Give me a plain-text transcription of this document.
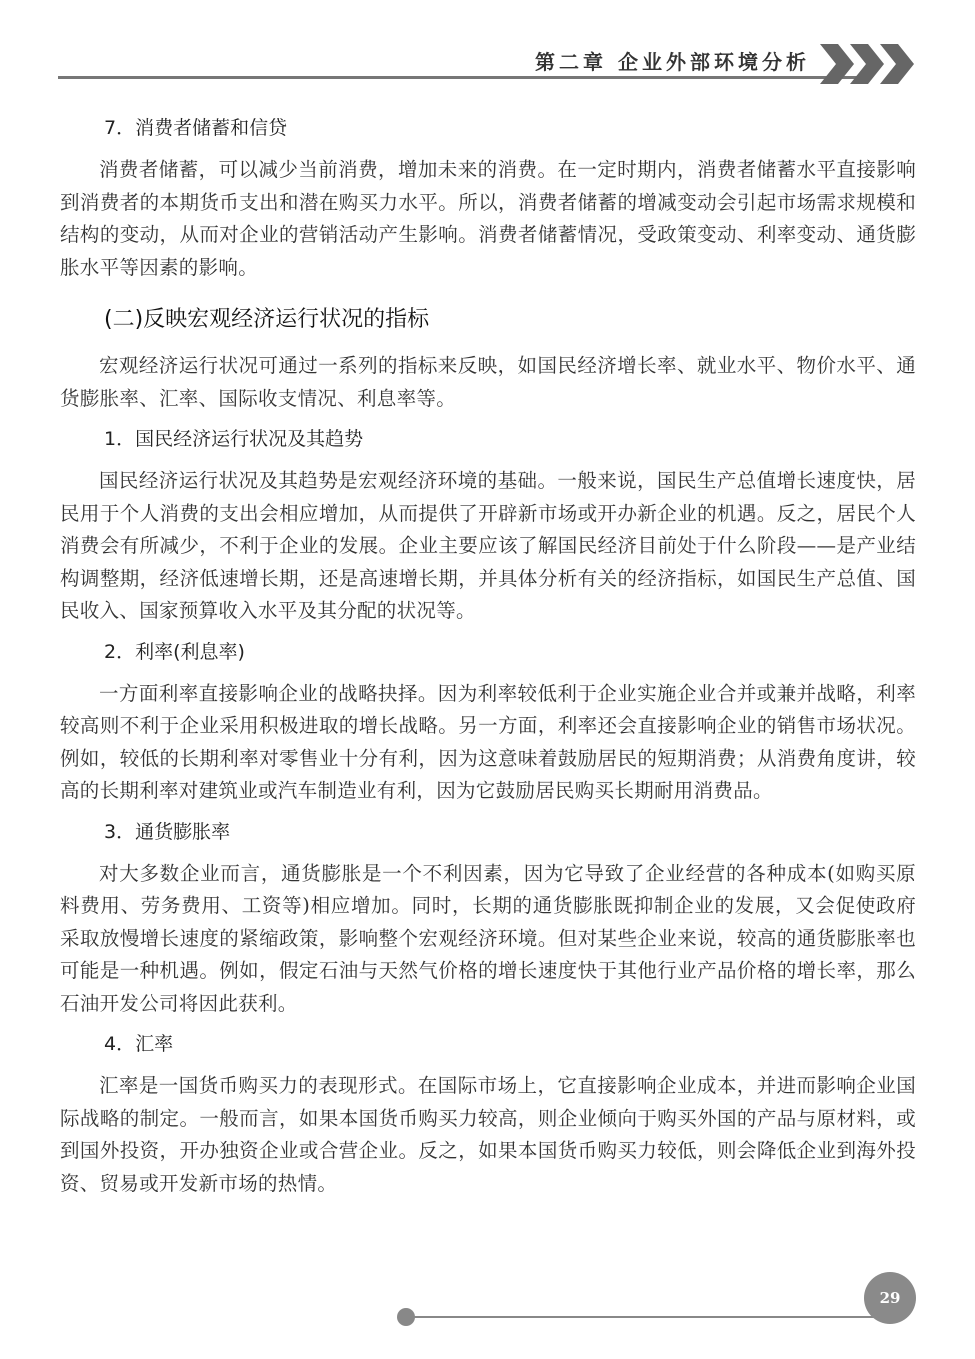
第二章 企业外部环境分析
7．消费者储蓄和信贷

消费者储蓄，可以减少当前消费，增加未来的消费。在一定时期内，消费者储蓄水平直接影响到消费者的本期货币支出和潜在购买力水平。所以，消费者储蓄的增减变动会引起市场需求规模和结构的变动，从而对企业的营销活动产生影响。消费者储蓄情况，受政策变动、利率变动、通货膨胀水平等因素的影响。

(二)反映宏观经济运行状况的指标

宏观经济运行状况可通过一系列的指标来反映，如国民经济增长率、就业水平、物价水平、通货膨胀率、汇率、国际收支情况、利息率等。

1．国民经济运行状况及其趋势

国民经济运行状况及其趋势是宏观经济环境的基础。一般来说，国民生产总值增长速度快，居民用于个人消费的支出会相应增加，从而提供了开辟新市场或开办新企业的机遇。反之，居民个人消费会有所减少，不利于企业的发展。企业主要应该了解国民经济目前处于什么阶段——是产业结构调整期，经济低速增长期，还是高速增长期，并具体分析有关的经济指标，如国民生产总值、国民收入、国家预算收入水平及其分配的状况等。

2．利率(利息率)

一方面利率直接影响企业的战略抉择。因为利率较低利于企业实施企业合并或兼并战略，利率较高则不利于企业采用积极进取的增长战略。另一方面，利率还会直接影响企业的销售市场状况。例如，较低的长期利率对零售业十分有利，因为这意味着鼓励居民的短期消费；从消费角度讲，较高的长期利率对建筑业或汽车制造业有利，因为它鼓励居民购买长期耐用消费品。

3．通货膨胀率

对大多数企业而言，通货膨胀是一个不利因素，因为它导致了企业经营的各种成本(如购买原料费用、劳务费用、工资等)相应增加。同时，长期的通货膨胀既抑制企业的发展，又会促使政府采取放慢增长速度的紧缩政策，影响整个宏观经济环境。但对某些企业来说，较高的通货膨胀率也可能是一种机遇。例如，假定石油与天然气价格的增长速度快于其他行业产品价格的增长率，那么石油开发公司将因此获利。

4．汇率

汇率是一国货币购买力的表现形式。在国际市场上，它直接影响企业成本，并进而影响企业国际战略的制定。一般而言，如果本国货币购买力较高，则企业倾向于购买外国的产品与原材料，或到国外投资，开办独资企业或合营企业。反之，如果本国货币购买力较低，则会降低企业到海外投资、贸易或开发新市场的热情。

29
